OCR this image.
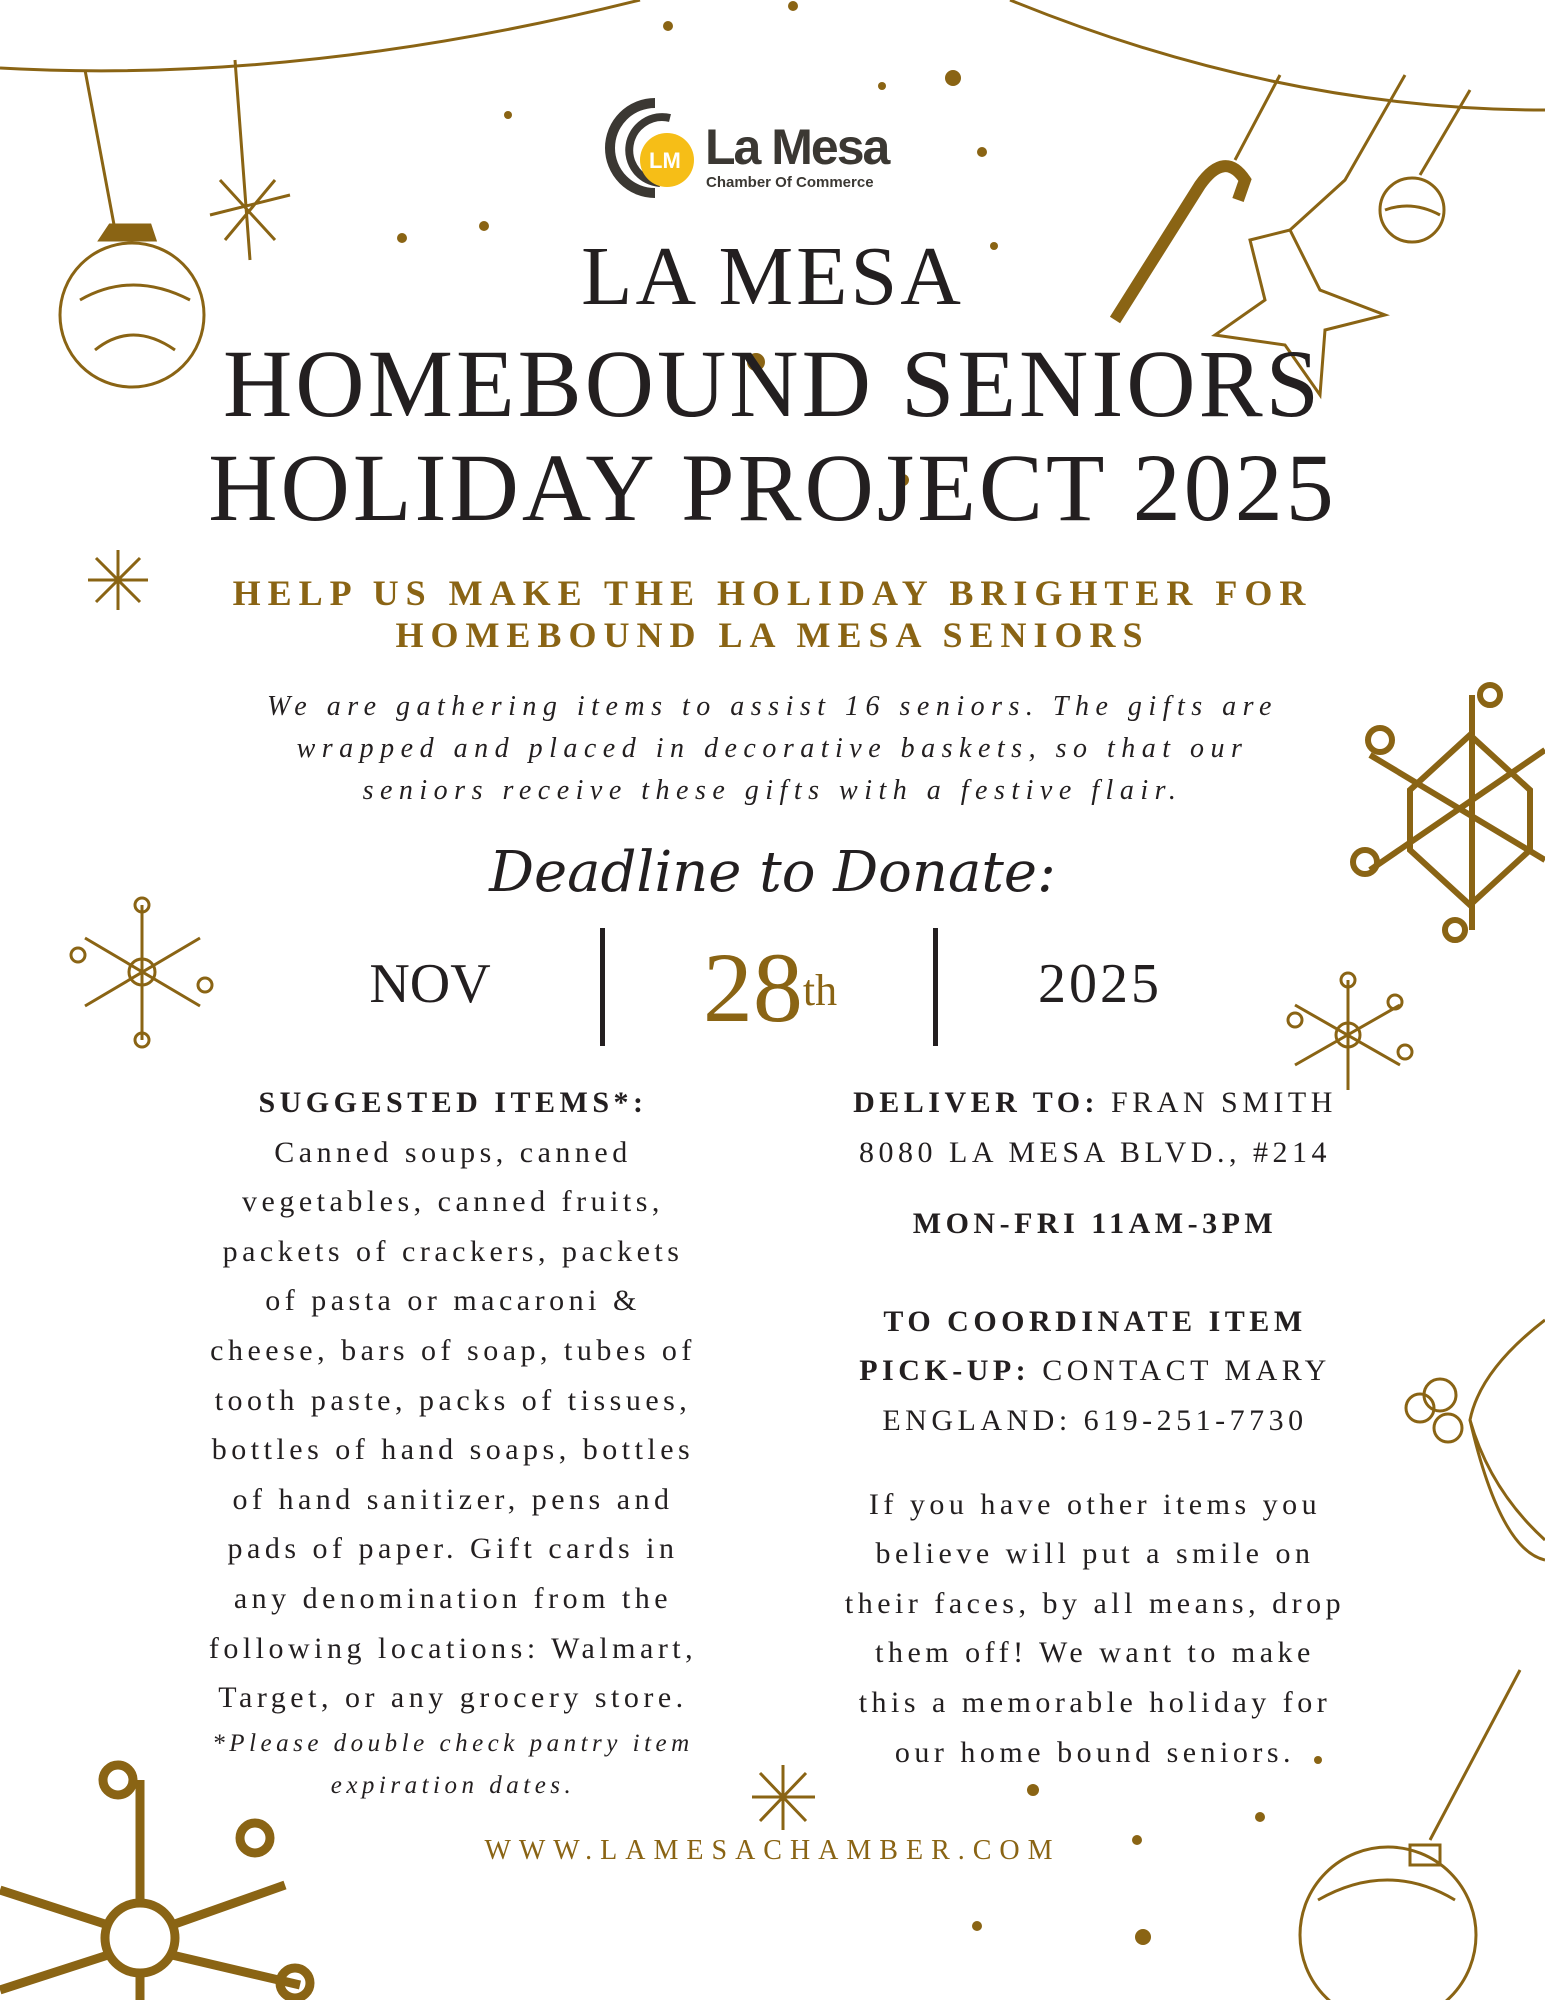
LM La Mesa
Chamber Of Commerce
LA MESA
HOMEBOUND SENIORS
HOLIDAY PROJECT 2025
HELP US MAKE THE HOLIDAY BRIGHTER FOR
HOMEBOUND LA MESA SENIORS
We are gathering items to assist 16 seniors. The gifts are
wrapped and placed in decorative baskets, so that our
seniors receive these gifts with a festive flair.
Deadline to Donate:
NOV	28th	2025
SUGGESTED ITEMS*:
Canned soups, canned
vegetables, canned fruits,
packets of crackers, packets
of pasta or macaroni &
cheese, bars of soap, tubes of
tooth paste, packs of tissues,
bottles of hand soaps, bottles
of hand sanitizer, pens and
pads of paper. Gift cards in
any denomination from the
following locations: Walmart,
Target, or any grocery store.
*Please double check pantry item
expiration dates.
DELIVER TO: FRAN SMITH
8080 LA MESA BLVD., #214
MON-FRI 11AM-3PM
TO COORDINATE ITEM
PICK-UP: CONTACT MARY
ENGLAND: 619-251-7730
If you have other items you
believe will put a smile on
their faces, by all means, drop
them off! We want to make
this a memorable holiday for
our home bound seniors.
WWW.LAMESACHAMBER.COM
